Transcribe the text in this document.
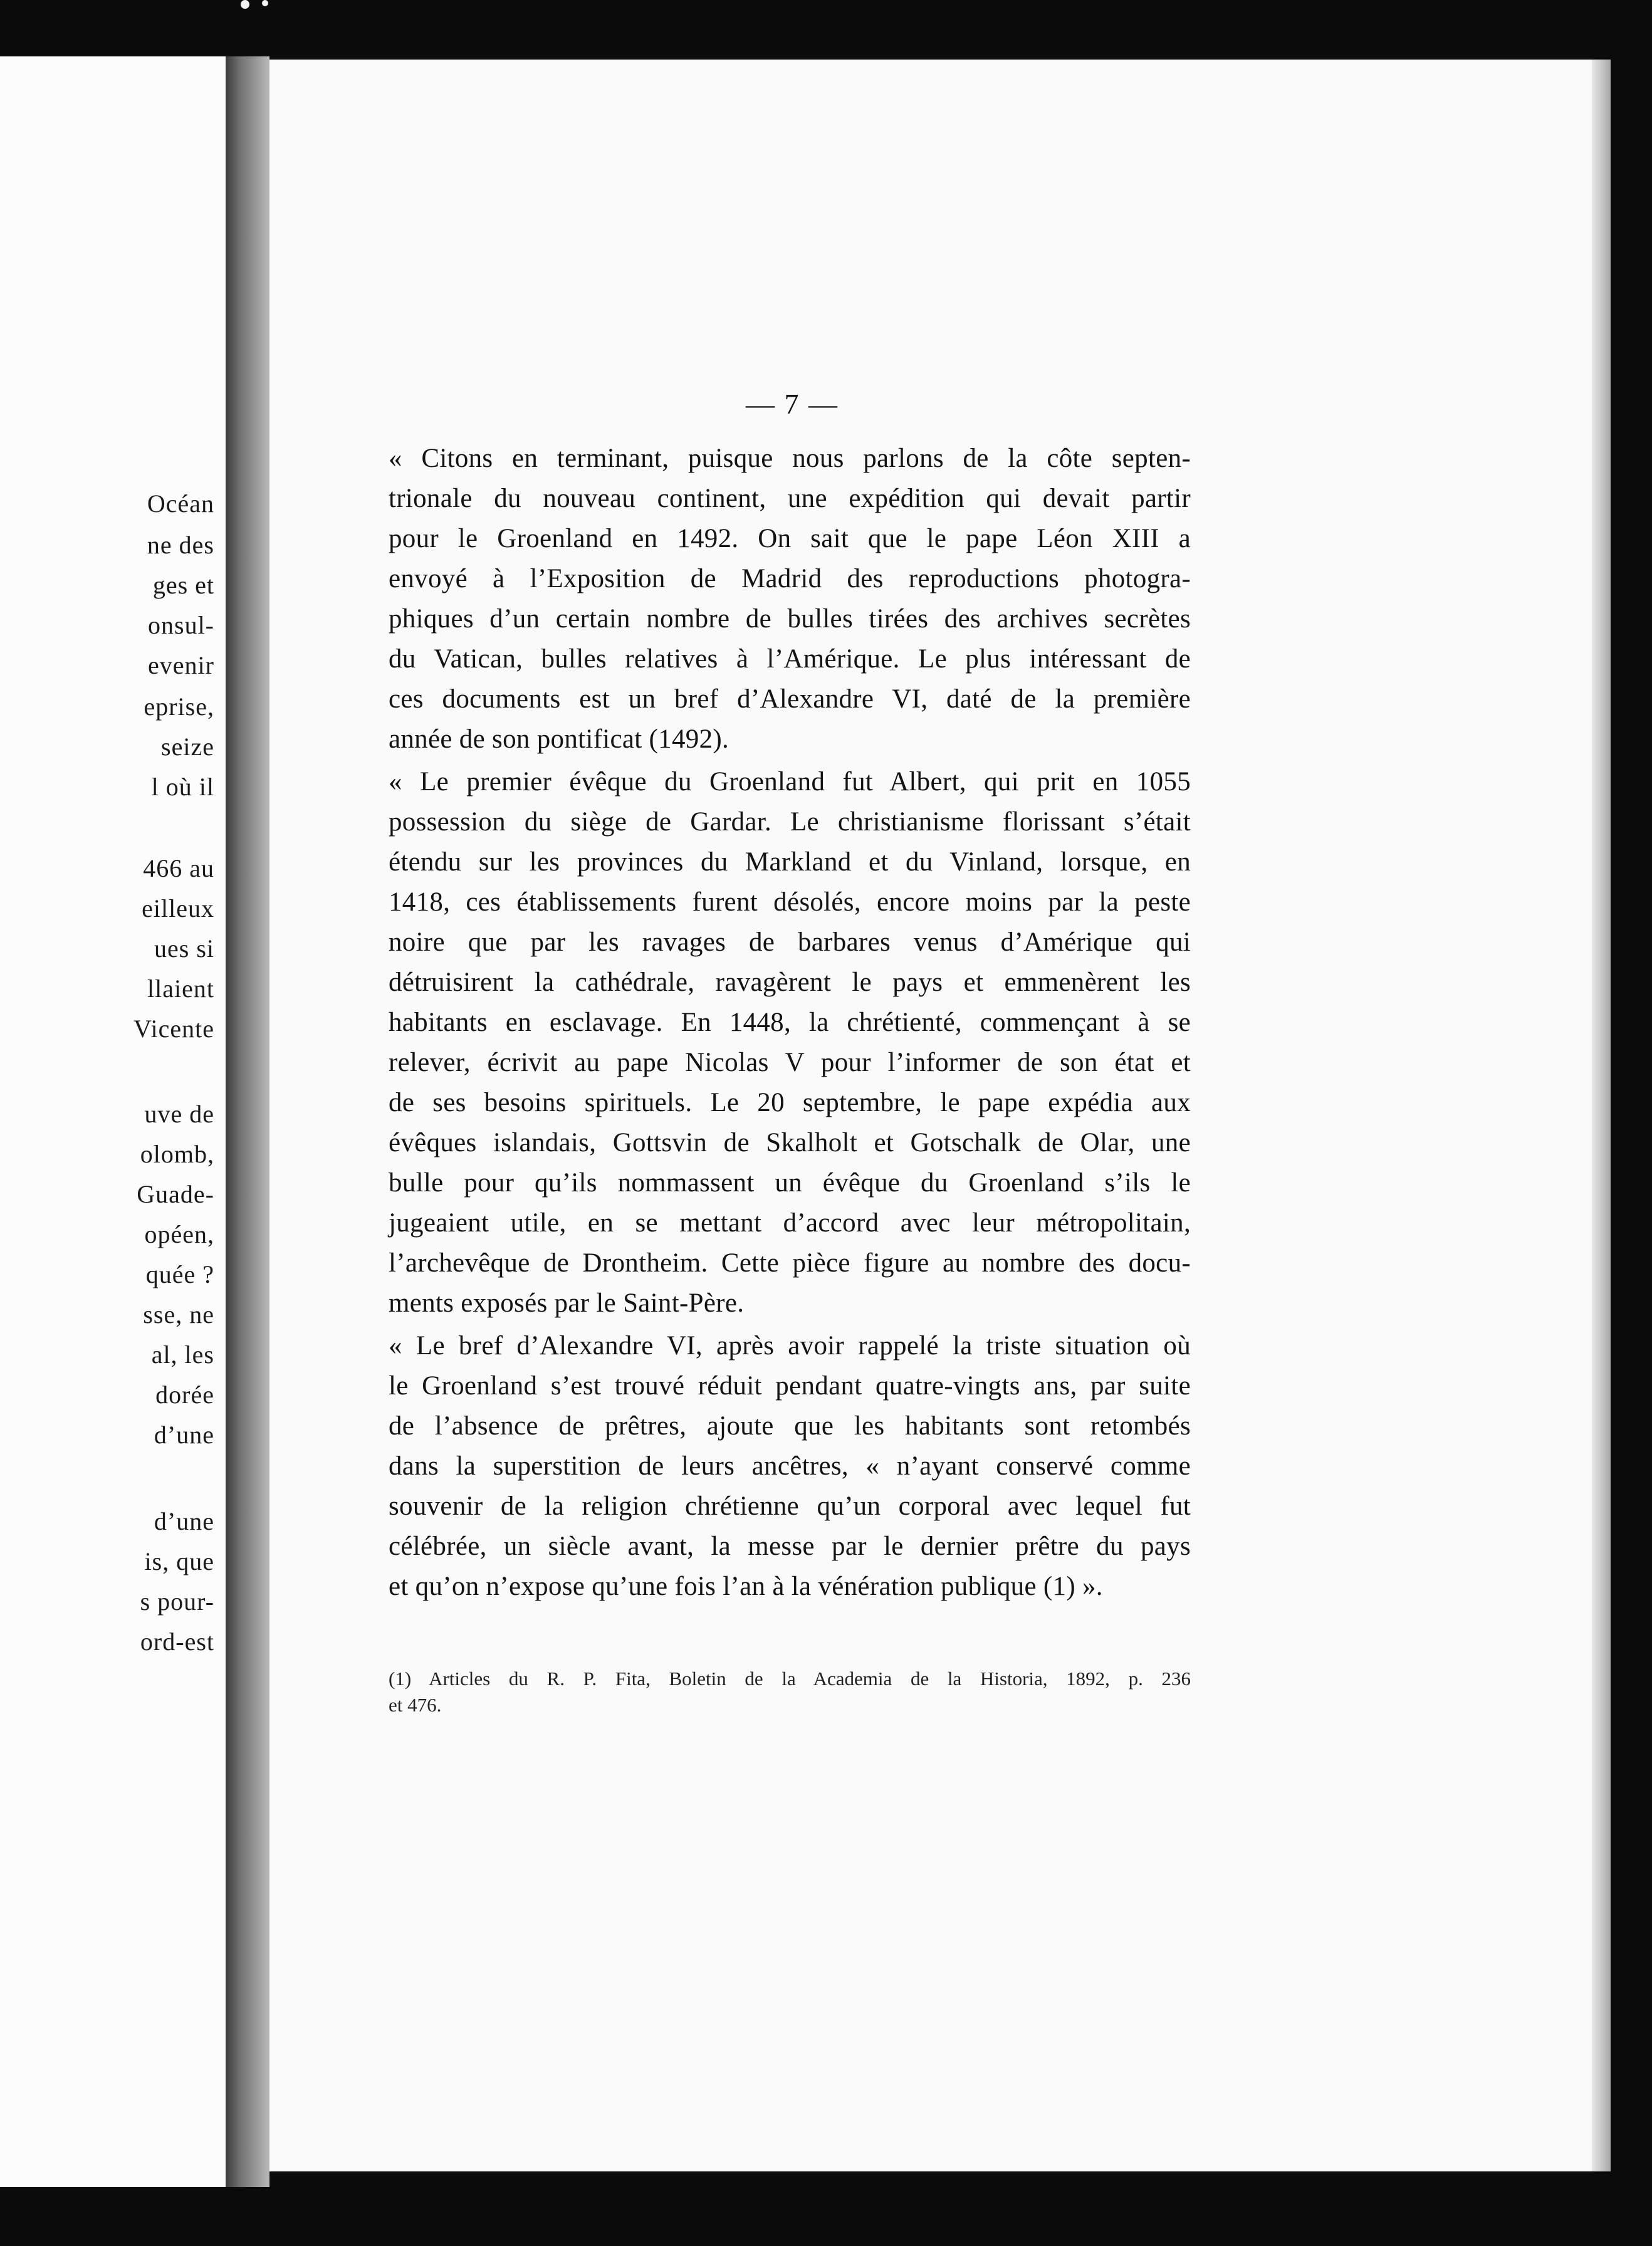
Océan
ne des
ges et
onsul-
evenir
eprise,
seize
l où il
466 au
eilleux
ues si
llaient
Vicente
uve de
olomb,
Guade-
opéen,
quée ?
sse, ne
al, les
dorée
d’une
d’une
is, que
s pour-
ord-est
— 7 —
« Citons en terminant, puisque nous parlons de la côte septen-
trionale du nouveau continent, une expédition qui devait partir
pour le Groenland en 1492. On sait que le pape Léon XIII a
envoyé à l’Exposition de Madrid des reproductions photogra-
phiques d’un certain nombre de bulles tirées des archives secrètes
du Vatican, bulles relatives à l’Amérique. Le plus intéressant de
ces documents est un bref d’Alexandre VI, daté de la première
année de son pontificat (1492).
« Le premier évêque du Groenland fut Albert, qui prit en 1055
possession du siège de Gardar. Le christianisme florissant s’était
étendu sur les provinces du Markland et du Vinland, lorsque, en
1418, ces établissements furent désolés, encore moins par la peste
noire que par les ravages de barbares venus d’Amérique qui
détruisirent la cathédrale, ravagèrent le pays et emmenèrent les
habitants en esclavage. En 1448, la chrétienté, commençant à se
relever, écrivit au pape Nicolas V pour l’informer de son état et
de ses besoins spirituels. Le 20 septembre, le pape expédia aux
évêques islandais, Gottsvin de Skalholt et Gotschalk de Olar, une
bulle pour qu’ils nommassent un évêque du Groenland s’ils le
jugeaient utile, en se mettant d’accord avec leur métropolitain,
l’archevêque de Drontheim. Cette pièce figure au nombre des docu-
ments exposés par le Saint-Père.
« Le bref d’Alexandre VI, après avoir rappelé la triste situation où
le Groenland s’est trouvé réduit pendant quatre-vingts ans, par suite
de l’absence de prêtres, ajoute que les habitants sont retombés
dans la superstition de leurs ancêtres, « n’ayant conservé comme
souvenir de la religion chrétienne qu’un corporal avec lequel fut
célébrée, un siècle avant, la messe par le dernier prêtre du pays
et qu’on n’expose qu’une fois l’an à la vénération publique (1) ».
(1) Articles du R. P. Fita, Boletin de la Academia de la Historia, 1892, p. 236
et 476.
